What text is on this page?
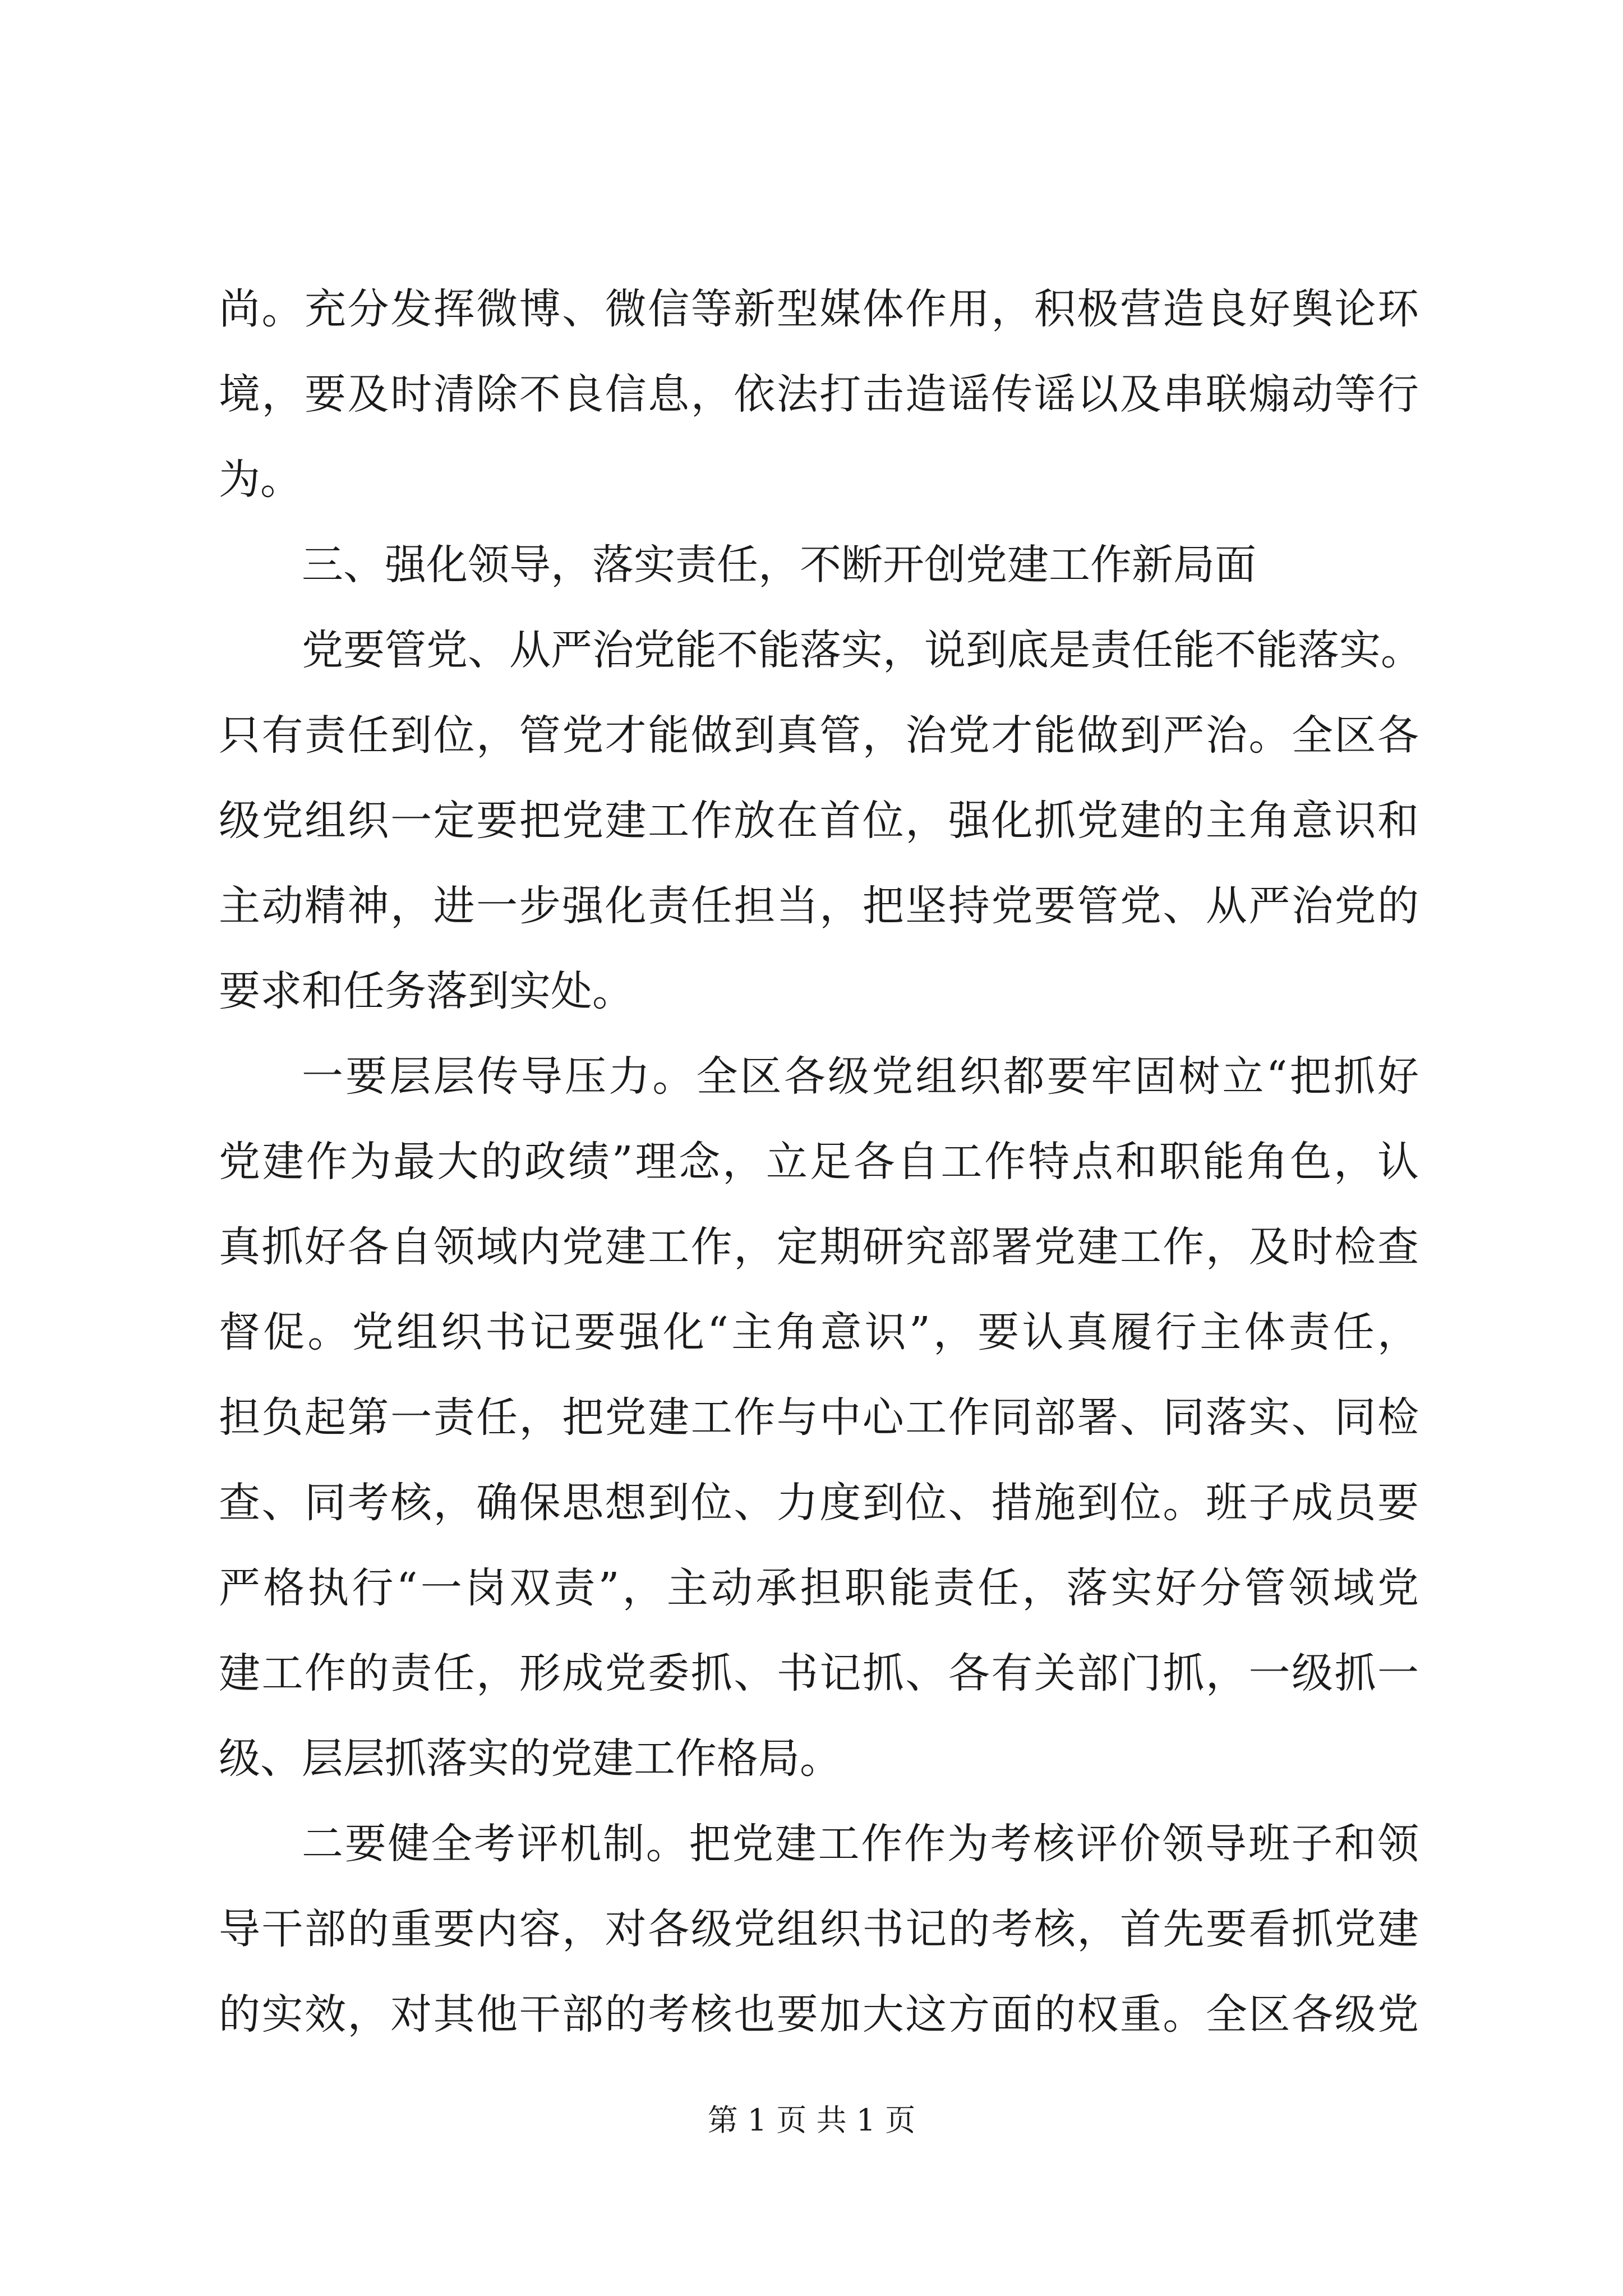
尚。充分发挥微博、微信等新型媒体作用，积极营造良好舆论环
境，要及时清除不良信息，依法打击造谣传谣以及串联煽动等行
为。
三、强化领导，落实责任，不断开创党建工作新局面
党要管党、从严治党能不能落实，说到底是责任能不能落实。
只有责任到位，管党才能做到真管，治党才能做到严治。全区各
级党组织一定要把党建工作放在首位，强化抓党建的主角意识和
主动精神，进一步强化责任担当，把坚持党要管党、从严治党的
要求和任务落到实处。
一要层层传导压力。全区各级党组织都要牢固树立“把抓好
党建作为最大的政绩”理念，立足各自工作特点和职能角色，认
真抓好各自领域内党建工作，定期研究部署党建工作，及时检查
督促。党组织书记要强化“主角意识”，要认真履行主体责任，
担负起第一责任，把党建工作与中心工作同部署、同落实、同检
查、同考核，确保思想到位、力度到位、措施到位。班子成员要
严格执行“一岗双责”，主动承担职能责任，落实好分管领域党
建工作的责任，形成党委抓、书记抓、各有关部门抓，一级抓一
级、层层抓落实的党建工作格局。
二要健全考评机制。把党建工作作为考核评价领导班子和领
导干部的重要内容，对各级党组织书记的考核，首先要看抓党建
的实效，对其他干部的考核也要加大这方面的权重。全区各级党
第 1 页 共 1 页
